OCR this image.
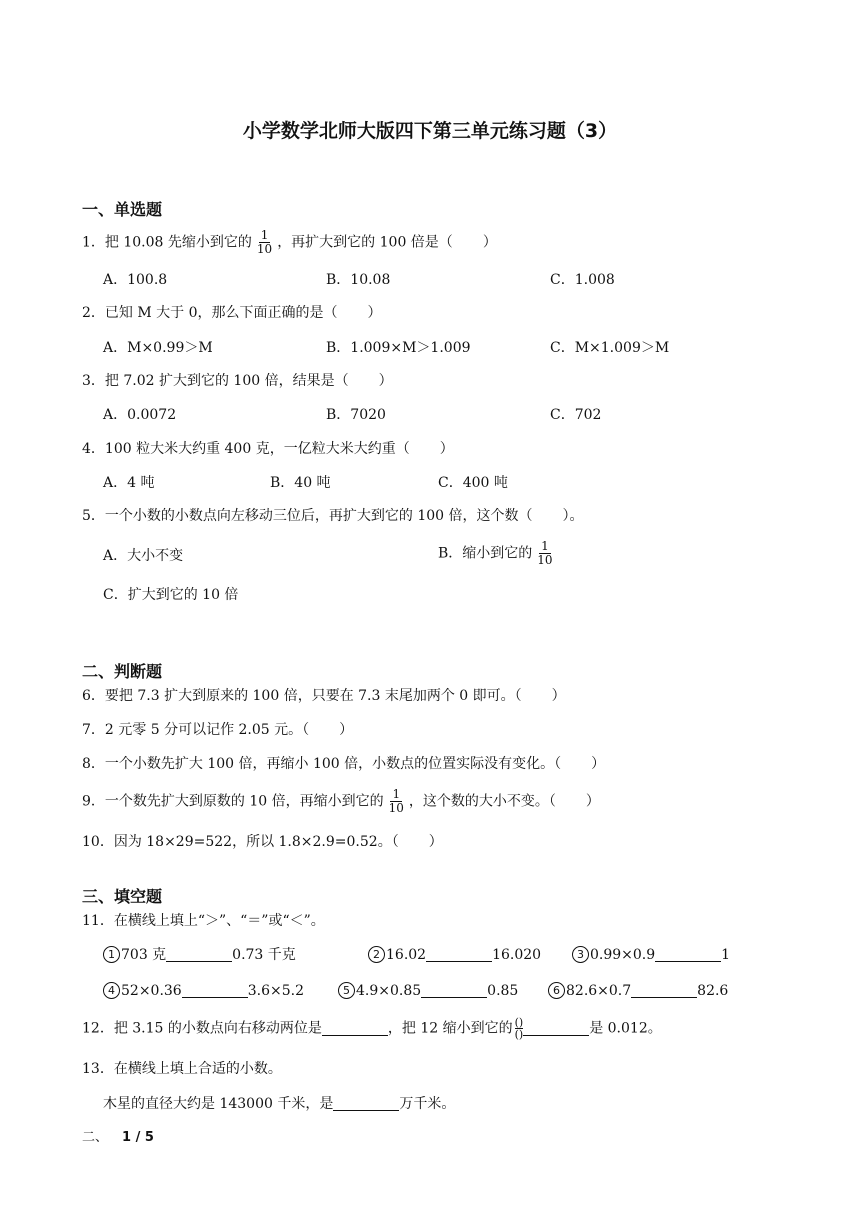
小学数学北师大版四下第三单元练习题（3）
一、单选题
1．把 10.08 先缩小到它的 $\frac{1}{10}$ ，再扩大到它的 100 倍是（ ）
A．100.8	B．10.08	C．1.008
2．已知 M 大于 0，那么下面正确的是（ ）
A．M×0.99＞M	B．1.009×M＞1.009	C．M×1.009＞M
3．把 7.02 扩大到它的 100 倍，结果是（ ）
A．0.0072	B．7020	C．702
4．100 粒大米大约重 400 克，一亿粒大米大约重（ ）
A．4 吨	B．40 吨	C．400 吨
5．一个小数的小数点向左移动三位后，再扩大到它的 100 倍，这个数（ ）。
A．大小不变	B．缩小到它的 $\frac{1}{10}$
C．扩大到它的 10 倍
二、判断题
6．要把 7.3 扩大到原来的 100 倍，只要在 7.3 末尾加两个 0 即可。（ ）
7．2 元零 5 分可以记作 2.05 元。（ ）
8．一个小数先扩大 100 倍，再缩小 100 倍，小数点的位置实际没有变化。（ ）
9．一个数先扩大到原数的 10 倍，再缩小到它的 $\frac{1}{10}$ ，这个数的大小不变。（ ）
10．因为 18×29=522，所以 1.8×2.9=0.52。（ ）
三、填空题
11．在横线上填上“＞”、“＝”或“＜”。
1 703 克	0.73 千克	2 16.02	16.020	3 0.99×0.9	1
4 52×0.36	3.6×5.2	5 4.9×0.85	0.85	6 82.6×0.7	82.6
12．把 3.15 的小数点向右移动两位是	，把 12 缩小到它的 ()
()	是 0.012。
13．在横线上填上合适的小数。
木星的直径大约是 143000 千米，是	万千米。
二、 1 / 5
